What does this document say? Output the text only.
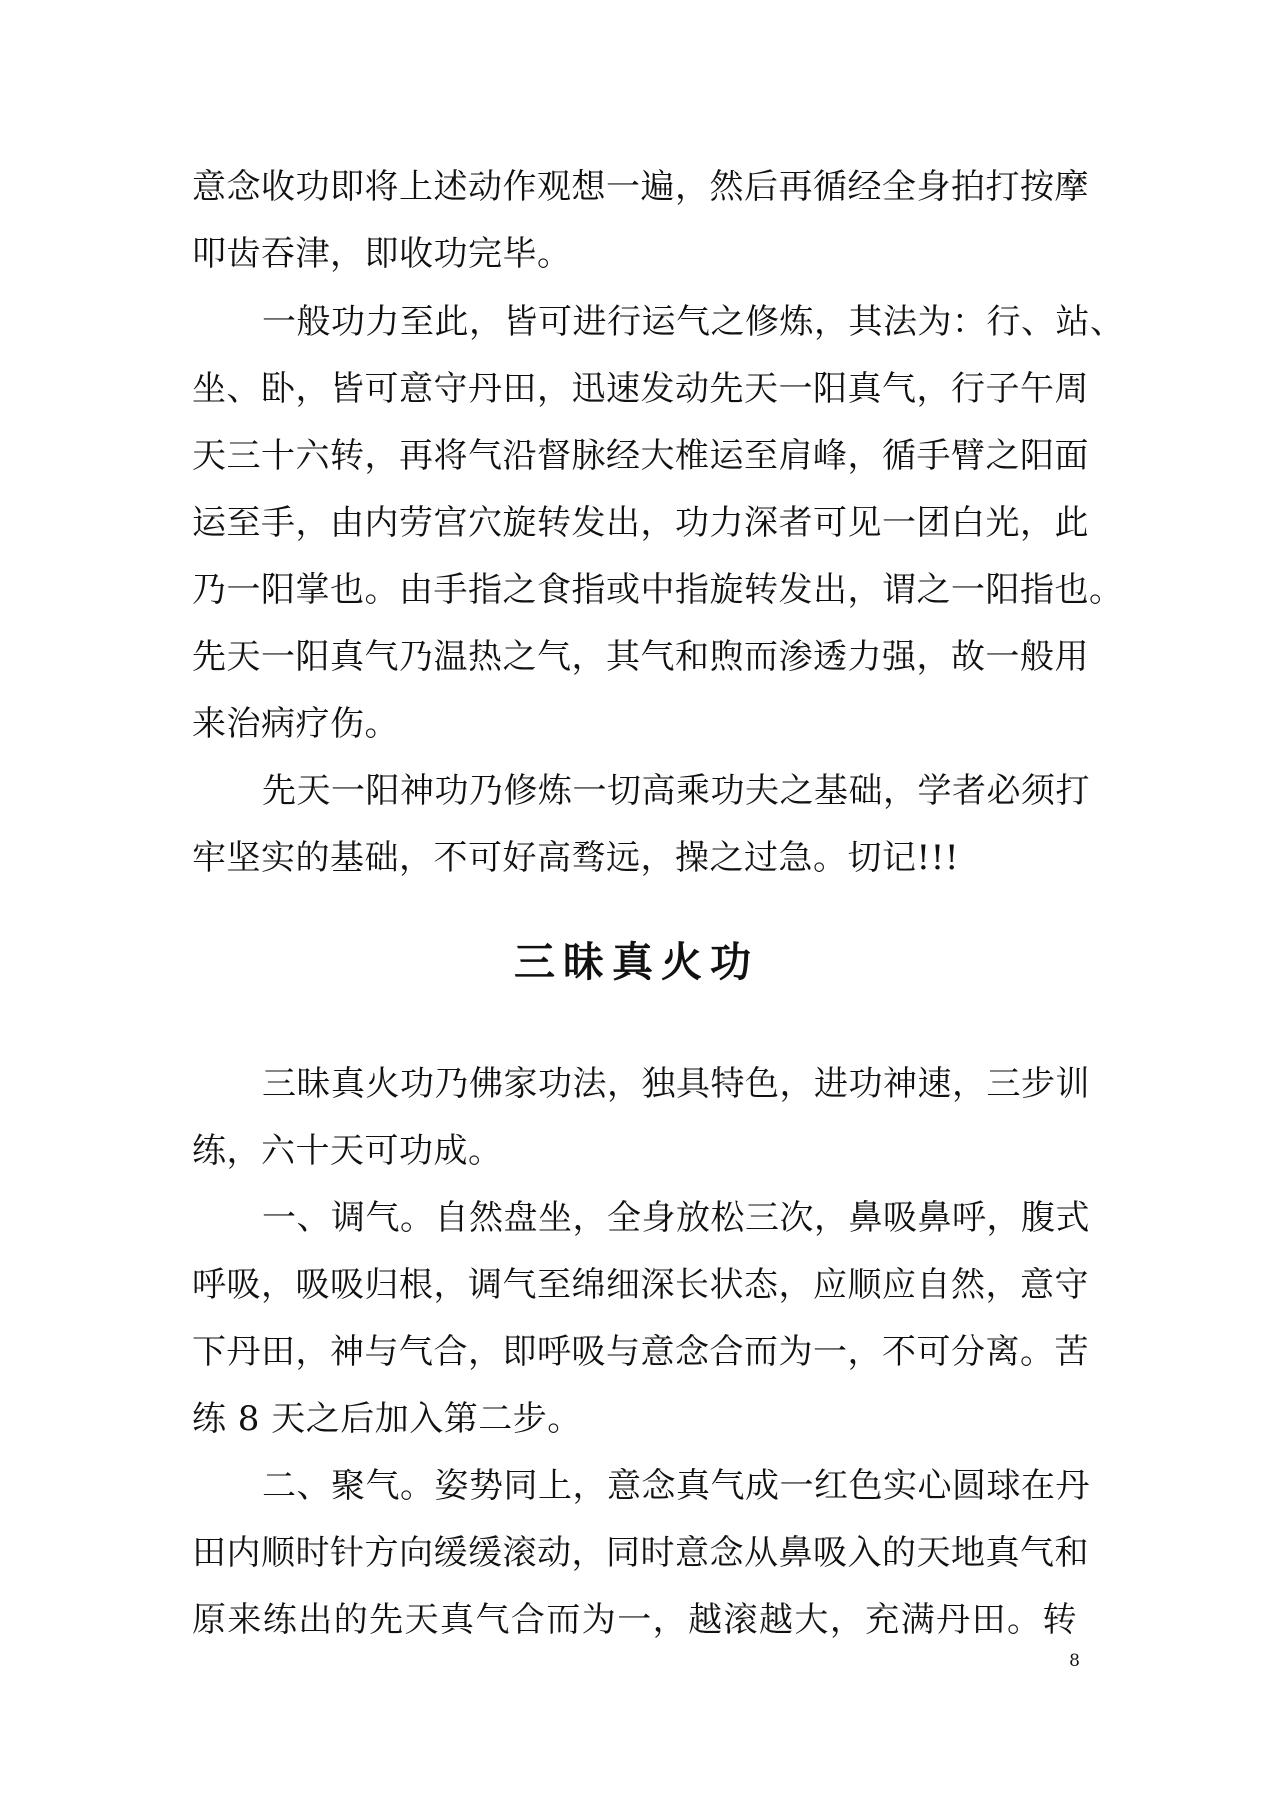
意念收功即将上述动作观想一遍，然后再循经全身拍打按摩
叩齿吞津，即收功完毕。
一般功力至此，皆可进行运气之修炼，其法为：行、站、
坐、卧，皆可意守丹田，迅速发动先天一阳真气，行子午周
天三十六转，再将气沿督脉经大椎运至肩峰，循手臂之阳面
运至手，由内劳宫穴旋转发出，功力深者可见一团白光，此
乃一阳掌也。由手指之食指或中指旋转发出，谓之一阳指也。
先天一阳真气乃温热之气，其气和煦而渗透力强，故一般用
来治病疗伤。
先天一阳神功乃修炼一切高乘功夫之基础，学者必须打
牢坚实的基础，不可好高骛远，操之过急。切记!!!
三昧真火功
三昧真火功乃佛家功法，独具特色，进功神速，三步训
练，六十天可功成。
一、调气。自然盘坐，全身放松三次，鼻吸鼻呼，腹式
呼吸，吸吸归根，调气至绵细深长状态，应顺应自然，意守
下丹田，神与气合，即呼吸与意念合而为一，不可分离。苦
练 8 天之后加入第二步。
二、聚气。姿势同上，意念真气成一红色实心圆球在丹
田内顺时针方向缓缓滚动，同时意念从鼻吸入的天地真气和
原来练出的先天真气合而为一，越滚越大，充满丹田。转
8
